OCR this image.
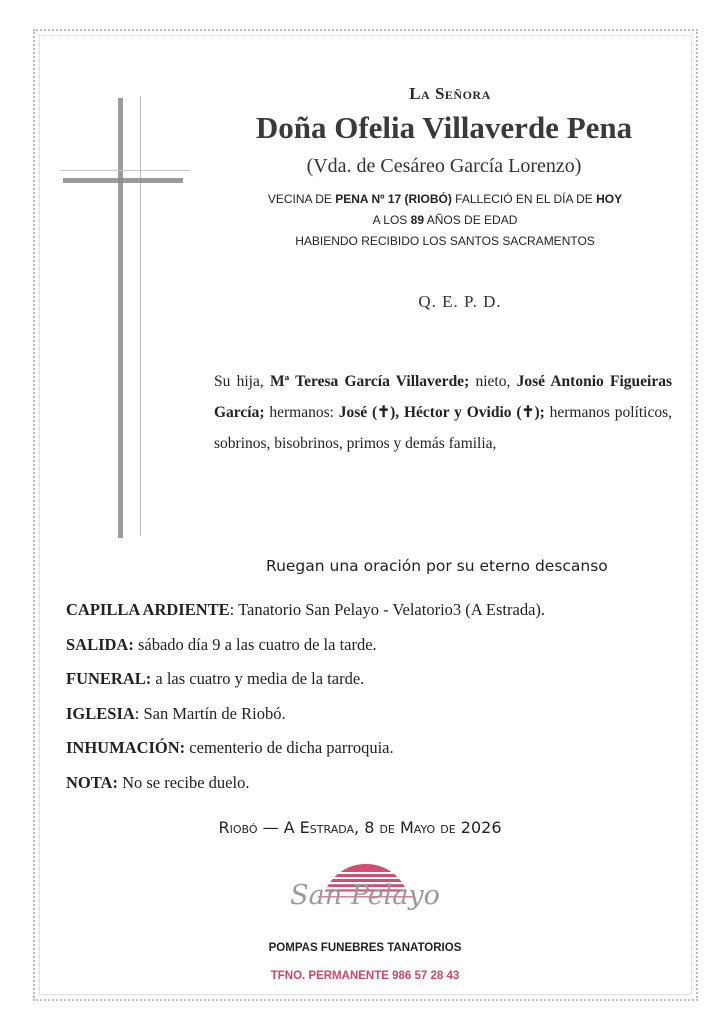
La Señora
Doña Ofelia Villaverde Pena
(Vda. de Cesáreo García Lorenzo)
VECINA DE PENA Nº 17 (RIOBÓ) FALLECIÓ EN EL DÍA DE HOY
A LOS 89 AÑOS DE EDAD
HABIENDO RECIBIDO LOS SANTOS SACRAMENTOS
Q. E. P. D.
Su hija, Mª Teresa García Villaverde; nieto, José Antonio Figueiras García; hermanos: José (✝), Héctor y Ovidio (✝); hermanos políticos, sobrinos, bisobrinos, primos y demás familia,
Ruegan una oración por su eterno descanso
CAPILLA ARDIENTE: Tanatorio San Pelayo - Velatorio3 (A Estrada).
SALIDA: sábado día 9 a las cuatro de la tarde.
FUNERAL: a las cuatro y media de la tarde.
IGLESIA: San Martín de Riobó.
INHUMACIÓN: cementerio de dicha parroquia.
NOTA: No se recibe duelo.
Riobó — A Estrada, 8 de Mayo de 2026
San Pelayo
POMPAS FUNEBRES TANATORIOS
TFNO. PERMANENTE 986 57 28 43
